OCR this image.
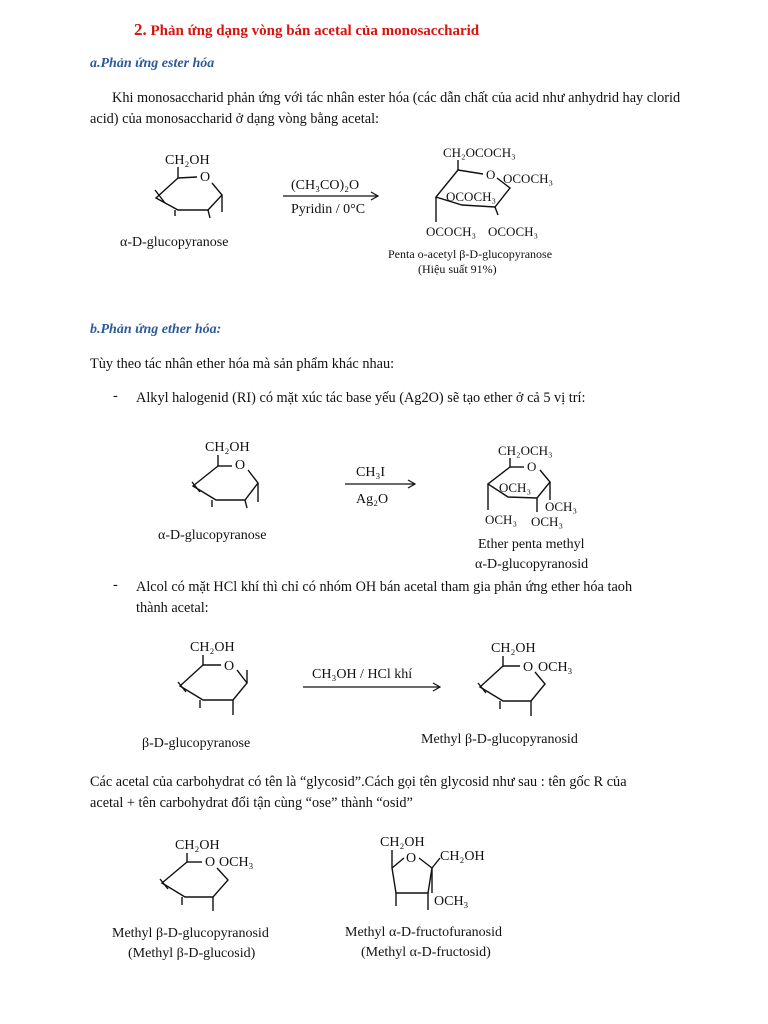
2. Phản ứng dạng vòng bán acetal của monosaccharid
a.Phản ứng ester hóa
Khi monosaccharid phản ứng với tác nhân ester hóa (các dẫn chất của acid như anhydrid hay clorid acid) của monosaccharid ở dạng vòng bằng acetal:
CH₂OH
O
α-D-glucopyranose
(CH₃CO)₂O
Pyridin / 0°C
CH₂OCOCH₃
O OCOCH₃
OCOCH₃
OCOCH₃
OCOCH₃
Penta o-acetyl β-D-glucopyranose
(Hiệu suất 91%)
b.Phản ứng ether hóa:
Tùy theo tác nhân ether hóa mà sản phẩm khác nhau:
- Alkyl halogenid (RI) có mặt xúc tác base yếu (Ag2O) sẽ tạo ether ở cả 5 vị trí:
CH₂OH
O
α-D-glucopyranose
CH₃I
Ag₂O
CH₂OCH₃
O
OCH₃
OCH₃
OCH₃ OCH₃
Ether penta methyl
α-D-glucopyranosid
- Alcol có mặt HCl khí thì chỉ có nhóm OH bán acetal tham gia phản ứng ether hóa taoh
thành acetal:
CH₂OH
O
β-D-glucopyranose
CH₃OH / HCl khí
CH₂OH
O OCH₃
Methyl β-D-glucopyranosid
Các acetal của carbohydrat có tên là “glycosid”.Cách gọi tên glycosid như sau : tên gốc R của
acetal + tên carbohydrat đổi tận cùng “ose” thành “osid”
CH₂OH
O OCH₃
Methyl β-D-glucopyranosid
(Methyl β-D-glucosid)
CH₂OH
O CH₂OH
OCH₃
Methyl α-D-fructofuranosid
(Methyl α-D-fructosid)
